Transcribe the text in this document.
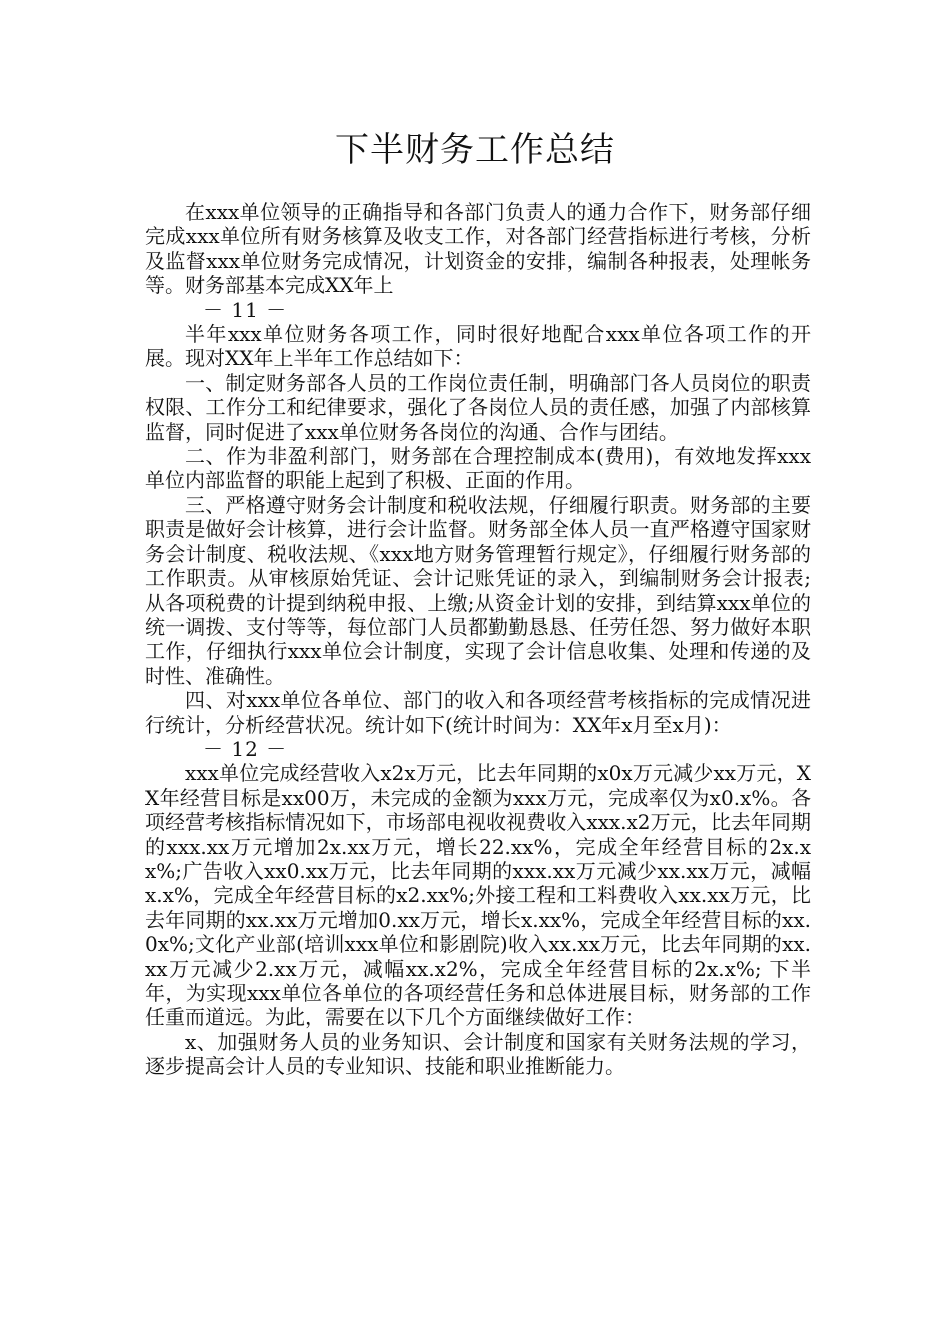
下半财务工作总结

在xxx单位领导的正确指导和各部门负责人的通力合作下，财务部仔细完成xxx单位所有财务核算及收支工作，对各部门经营指标进行考核，分析及监督xxx单位财务完成情况，计划资金的安排，编制各种报表，处理帐务等。财务部基本完成XX年上

－ 11 －

半年xxx单位财务各项工作，同时很好地配合xxx单位各项工作的开展。现对XX年上半年工作总结如下：

一、制定财务部各人员的工作岗位责任制，明确部门各人员岗位的职责权限、工作分工和纪律要求，强化了各岗位人员的责任感，加强了内部核算监督，同时促进了xxx单位财务各岗位的沟通、合作与团结。

二、作为非盈利部门，财务部在合理控制成本(费用)，有效地发挥xxx单位内部监督的职能上起到了积极、正面的作用。

三、严格遵守财务会计制度和税收法规，仔细履行职责。财务部的主要职责是做好会计核算，进行会计监督。财务部全体人员一直严格遵守国家财务会计制度、税收法规、《xxx地方财务管理暂行规定》，仔细履行财务部的工作职责。从审核原始凭证、会计记账凭证的录入，到编制财务会计报表;从各项税费的计提到纳税申报、上缴;从资金计划的安排，到结算xxx单位的统一调拨、支付等等，每位部门人员都勤勤恳恳、任劳任怨、努力做好本职工作，仔细执行xxx单位会计制度，实现了会计信息收集、处理和传递的及时性、准确性。

四、对xxx单位各单位、部门的收入和各项经营考核指标的完成情况进行统计，分析经营状况。统计如下(统计时间为：XX年x月至x月)：

－ 12 －

xxx单位完成经营收入x2x万元，比去年同期的x0x万元减少xx万元，XX年经营目标是xx00万，未完成的金额为xxx万元，完成率仅为x0.x%。各项经营考核指标情况如下，市场部电视收视费收入xxx.x2万元，比去年同期的xxx.xx万元增加2x.xx万元，增长22.xx%，完成全年经营目标的2x.xx%;广告收入xx0.xx万元，比去年同期的xxx.xx万元减少xx.xx万元，减幅x.x%，完成全年经营目标的x2.xx%;外接工程和工料费收入xx.xx万元，比去年同期的xx.xx万元增加0.xx万元，增长x.xx%，完成全年经营目标的xx.0x%;文化产业部(培训xxx单位和影剧院)收入xx.xx万元，比去年同期的xx.xx万元减少2.xx万元，减幅xx.x2%，完成全年经营目标的2x.x%; 下半年，为实现xxx单位各单位的各项经营任务和总体进展目标，财务部的工作任重而道远。为此，需要在以下几个方面继续做好工作：

x、加强财务人员的业务知识、会计制度和国家有关财务法规的学习，逐步提高会计人员的专业知识、技能和职业推断能力。
